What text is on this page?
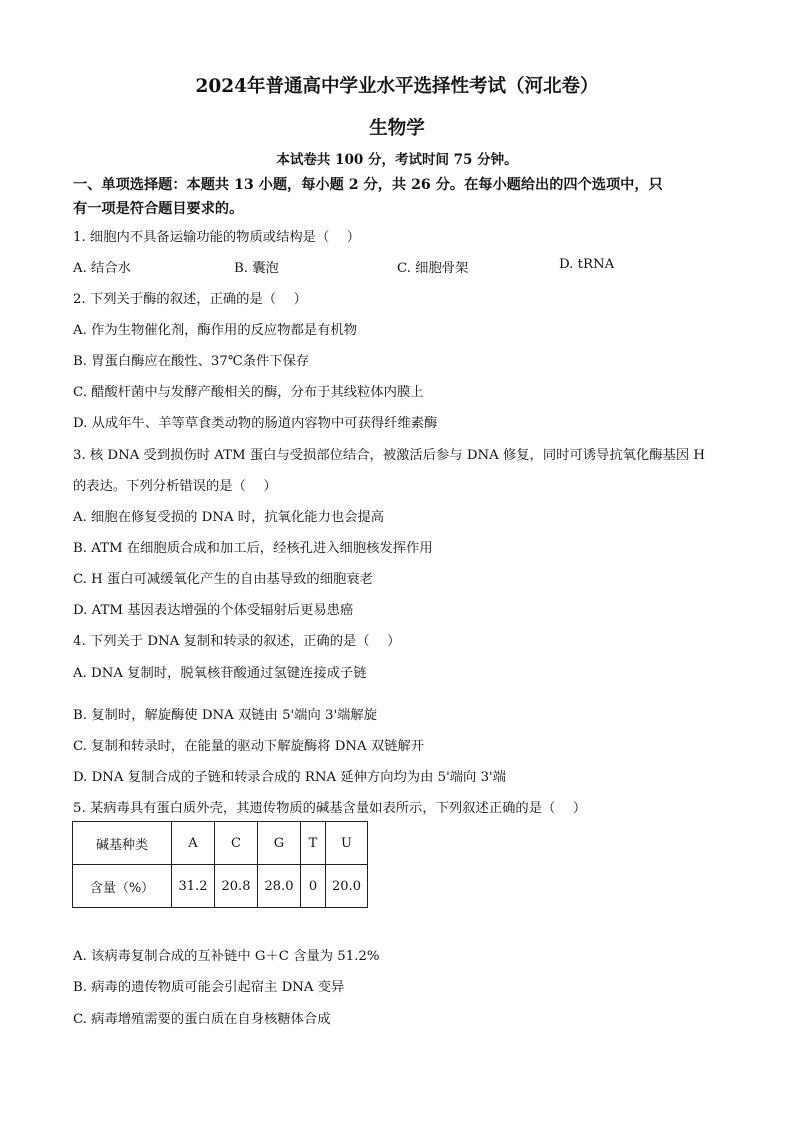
2024年普通高中学业水平选择性考试（河北卷）
生物学
本试卷共 100 分，考试时间 75 分钟。
一、单项选择题：本题共 13 小题，每小题 2 分，共 26 分。在每小题给出的四个选项中，只
有一项是符合题目要求的。
1. 细胞内不具备运输功能的物质或结构是（　 ）
A. 结合水	B. 囊泡	C. 细胞骨架	D. tRNA
2. 下列关于酶的叙述，正确的是（　 ）
A. 作为生物催化剂，酶作用的反应物都是有机物
B. 胃蛋白酶应在酸性、37℃条件下保存
C. 醋酸杆菌中与发酵产酸相关的酶，分布于其线粒体内膜上
D. 从成年牛、羊等草食类动物的肠道内容物中可获得纤维素酶
3. 核 DNA 受到损伤时 ATM 蛋白与受损部位结合，被激活后参与 DNA 修复，同时可诱导抗氧化酶基因 H
的表达。下列分析错误的是（　 ）
A. 细胞在修复受损的 DNA 时，抗氧化能力也会提高
B. ATM 在细胞质合成和加工后，经核孔进入细胞核发挥作用
C. H 蛋白可减缓氧化产生的自由基导致的细胞衰老
D. ATM 基因表达增强的个体受辐射后更易患癌
4. 下列关于 DNA 复制和转录的叙述，正确的是（　 ）
A. DNA 复制时，脱氧核苷酸通过氢键连接成子链
B. 复制时，解旋酶使 DNA 双链由 5'端向 3'端解旋
C. 复制和转录时，在能量的驱动下解旋酶将 DNA 双链解开
D. DNA 复制合成的子链和转录合成的 RNA 延伸方向均为由 5'端向 3'端
5. 某病毒具有蛋白质外壳，其遗传物质的碱基含量如表所示，下列叙述正确的是（　 ）
碱基种类	A	C	G	T	U
含量（%）	31.2	20.8	28.0	0	20.0
A. 该病毒复制合成的互补链中 G＋C 含量为 51.2%
B. 病毒的遗传物质可能会引起宿主 DNA 变异
C. 病毒增殖需要的蛋白质在自身核糖体合成
